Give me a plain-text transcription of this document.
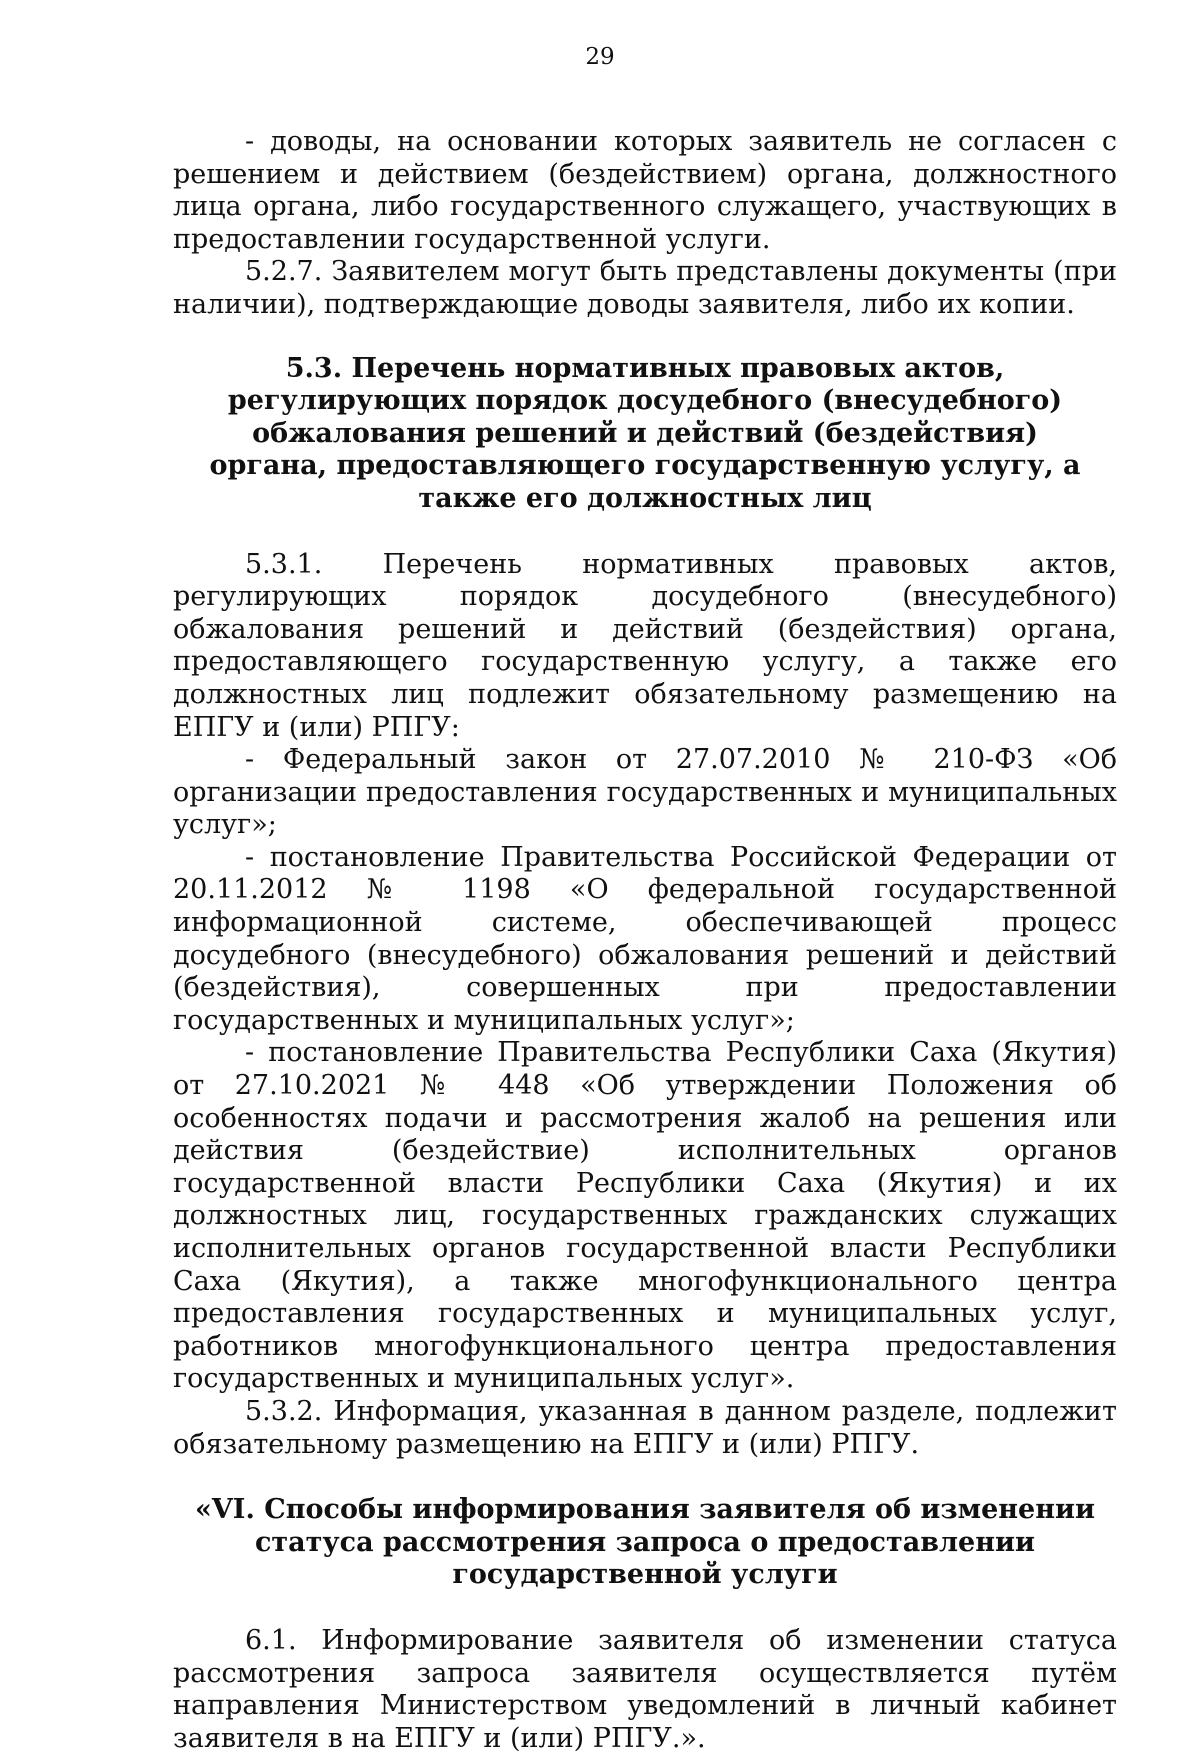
29

- доводы, на основании которых заявитель не согласен с решением и действием (бездействием) органа, должностного лица органа, либо государственного служащего, участвующих в предоставлении государственной услуги.

5.2.7. Заявителем могут быть представлены документы (при наличии), подтверждающие доводы заявителя, либо их копии.

5.3. Перечень нормативных правовых актов, регулирующих порядок досудебного (внесудебного) обжалования решений и действий (бездействия) органа, предоставляющего государственную услугу, а также его должностных лиц

5.3.1. Перечень нормативных правовых актов, регулирующих порядок досудебного (внесудебного) обжалования решений и действий (бездействия) органа, предоставляющего государственную услугу, а также его должностных лиц подлежит обязательному размещению на ЕПГУ и (или) РПГУ:

- Федеральный закон от 27.07.2010 № 210-ФЗ «Об организации предоставления государственных и муниципальных услуг»;

- постановление Правительства Российской Федерации от 20.11.2012 № 1198 «О федеральной государственной информационной системе, обеспечивающей процесс досудебного (внесудебного) обжалования решений и действий (бездействия), совершенных при предоставлении государственных и муниципальных услуг»;

- постановление Правительства Республики Саха (Якутия) от 27.10.2021 № 448 «Об утверждении Положения об особенностях подачи и рассмотрения жалоб на решения или действия (бездействие) исполнительных органов государственной власти Республики Саха (Якутия) и их должностных лиц, государственных гражданских служащих исполнительных органов государственной власти Республики Саха (Якутия), а также многофункционального центра предоставления государственных и муниципальных услуг, работников многофункционального центра предоставления государственных и муниципальных услуг».

5.3.2. Информация, указанная в данном разделе, подлежит обязательному размещению на ЕПГУ и (или) РПГУ.

«VI. Способы информирования заявителя об изменении статуса рассмотрения запроса о предоставлении государственной услуги

6.1. Информирование заявителя об изменении статуса рассмотрения запроса заявителя осуществляется путём направления Министерством уведомлений в личный кабинет заявителя в на ЕПГУ и (или) РПГУ.».
